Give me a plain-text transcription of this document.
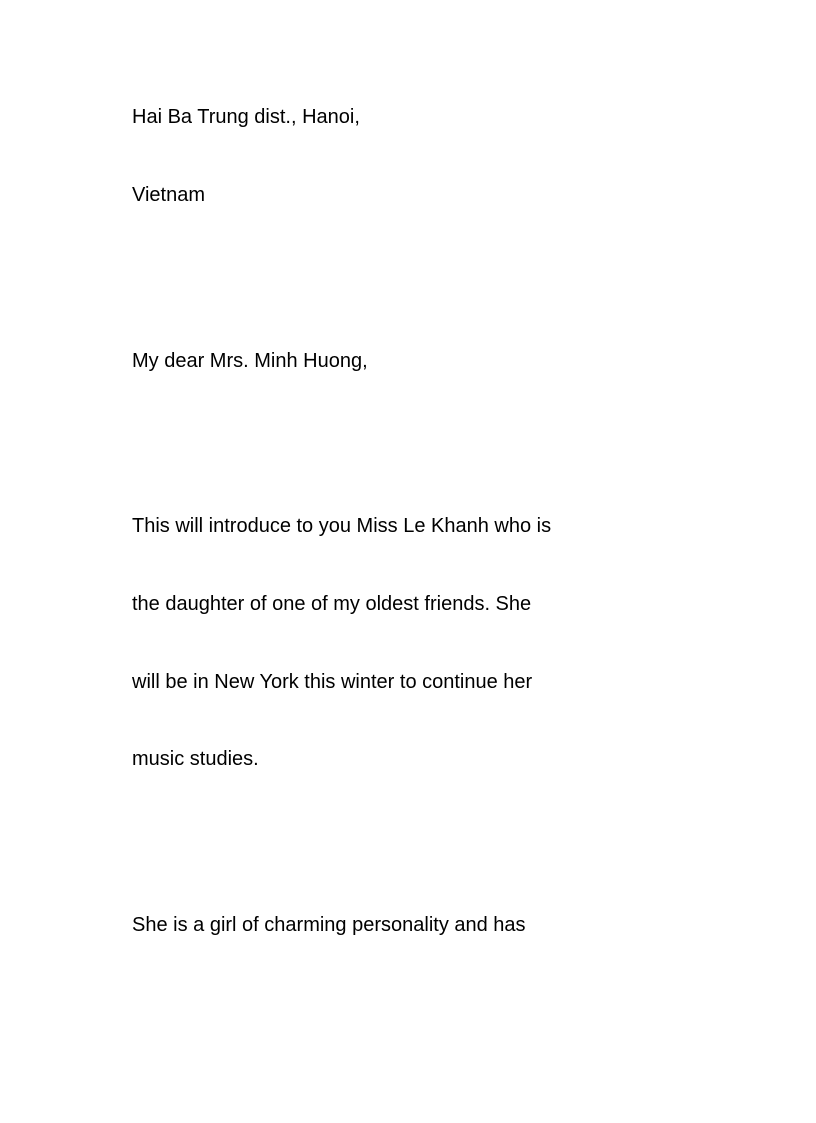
Hai Ba Trung dist., Hanoi,
Vietnam
My dear Mrs. Minh Huong,
This will introduce to you Miss Le Khanh who is
the daughter of one of my oldest friends. She
will be in New York this winter to continue her
music studies.
She is a girl of charming personality and has
